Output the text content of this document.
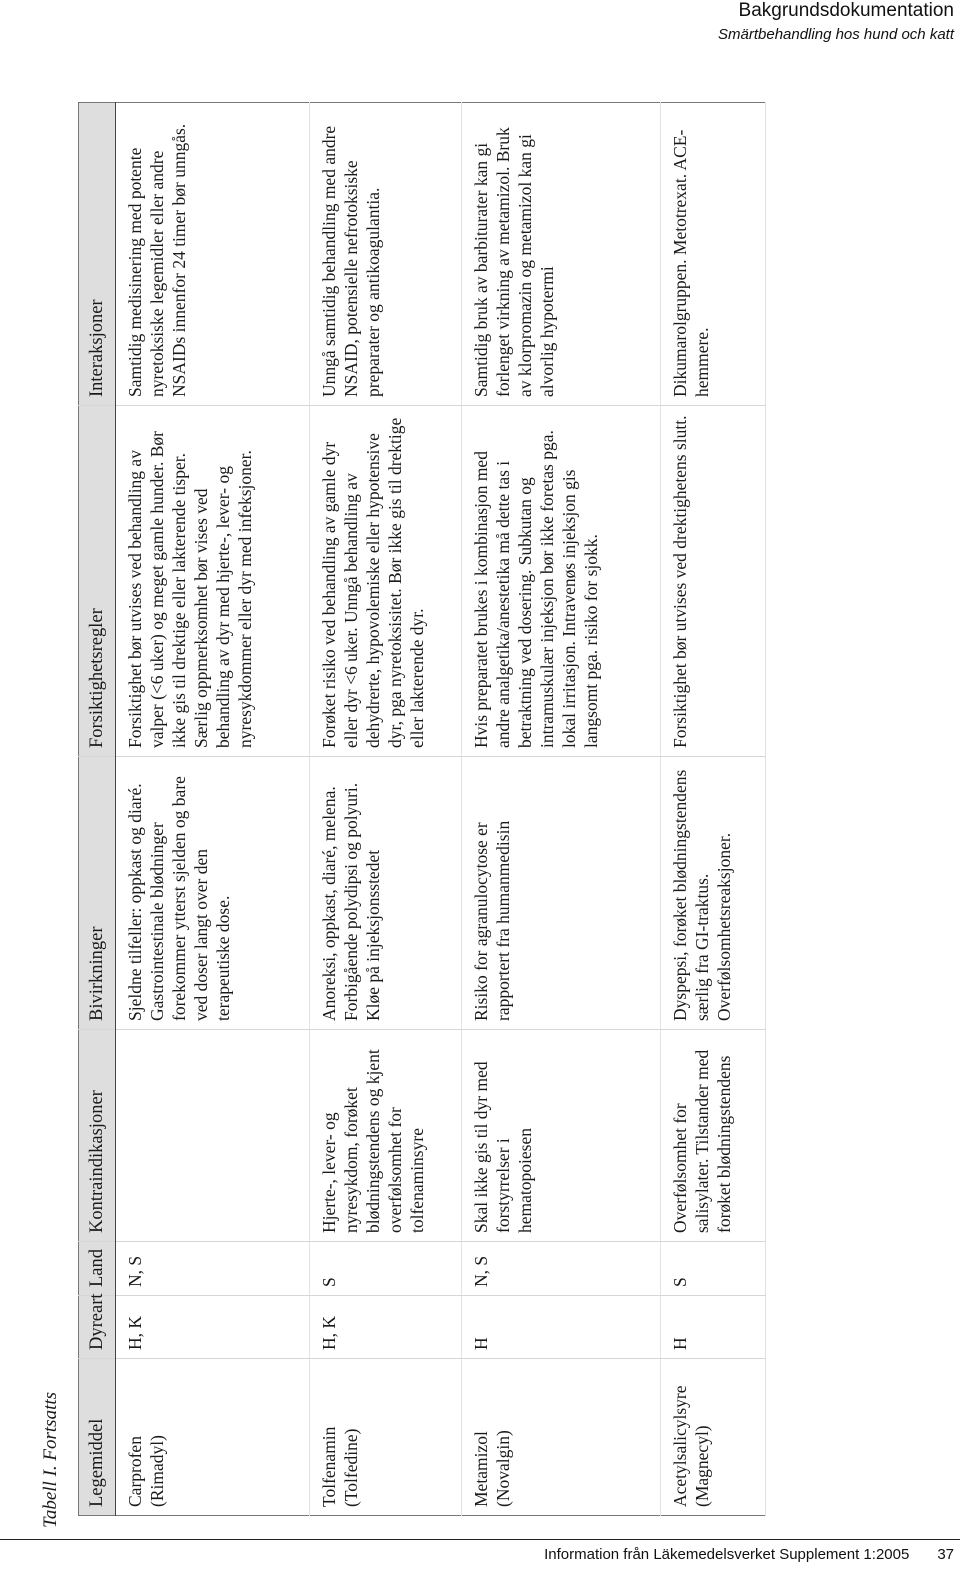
Bakgrundsdokumentation
Smärtbehandling hos hund och katt
Tabell I. Fortsatts Legemiddel	Dyreart	Land	Kontraindikasjoner	Bivirkninger	Forsiktighetsregler	Interaksjoner
Carprofen (Rimadyl)	H, K	N, S		Sjeldne tilfeller: oppkast og diaré. Gastrointestinale blødninger forekommer ytterst sjelden og bare ved doser langt over den terapeutiske dose.	Forsiktighet bør utvises ved behandling av valper (<6 uker) og meget gamle hunder. Bør ikke gis til drektige eller lakterende tisper. Særlig oppmerksomhet bør vises ved behandling av dyr med hjerte-, lever- og nyresykdommer eller dyr med infeksjoner.	Samtidig medisinering med potente nyretoksiske legemidler eller andre NSAIDs innenfor 24 timer bør unngås.
Tolfenamin (Tolfedine)	H, K	S	Hjerte-, lever- og nyresykdom, forøket blødningstendens og kjent overfølsomhet for tolfenaminsyre	Anoreksi, oppkast, diaré, melena. Forbigående polydipsi og polyuri. Kløe på injeksjonsstedet	Forøket risiko ved behandling av gamle dyr eller dyr <6 uker. Unngå behandling av dehydrerte, hypovolemiske eller hypotensive dyr, pga nyretoksisitet. Bør ikke gis til drektige eller lakterende dyr.	Unngå samtidig behandling med andre NSAID, potensielle nefrotoksiske preparater og antikoagulantia.
Metamizol (Novalgin)	H	N, S	Skal ikke gis til dyr med forstyrrelser i hematopoiesen	Risiko for agranulocytose er rapportert fra humanmedisin	Hvis preparatet brukes i kombinasjon med andre analgetika/anestetika må dette tas i betraktning ved dosering. Subkutan og intramuskulær injeksjon bør ikke foretas pga. lokal irritasjon. Intravenøs injeksjon gis langsomt pga. risiko for sjokk.	Samtidig bruk av barbiturater kan gi forlenget virkning av metamizol. Bruk av klorpromazin og metamizol kan gi alvorlig hypotermi
Acetylsalicylsyre (Magnecyl)	H	S	Overfølsomhet for salisylater. Tilstander med forøket blødningstendens	Dyspepsi, forøket blødningstendens særlig fra GI-traktus. Overfølsomhetsreaksjoner.	Forsiktighet bør utvises ved drektighetens slutt.	Dikumarolgruppen. Metotrexat. ACE-hemmere.
Information från Läkemedelsverket Supplement 1:2005 37
